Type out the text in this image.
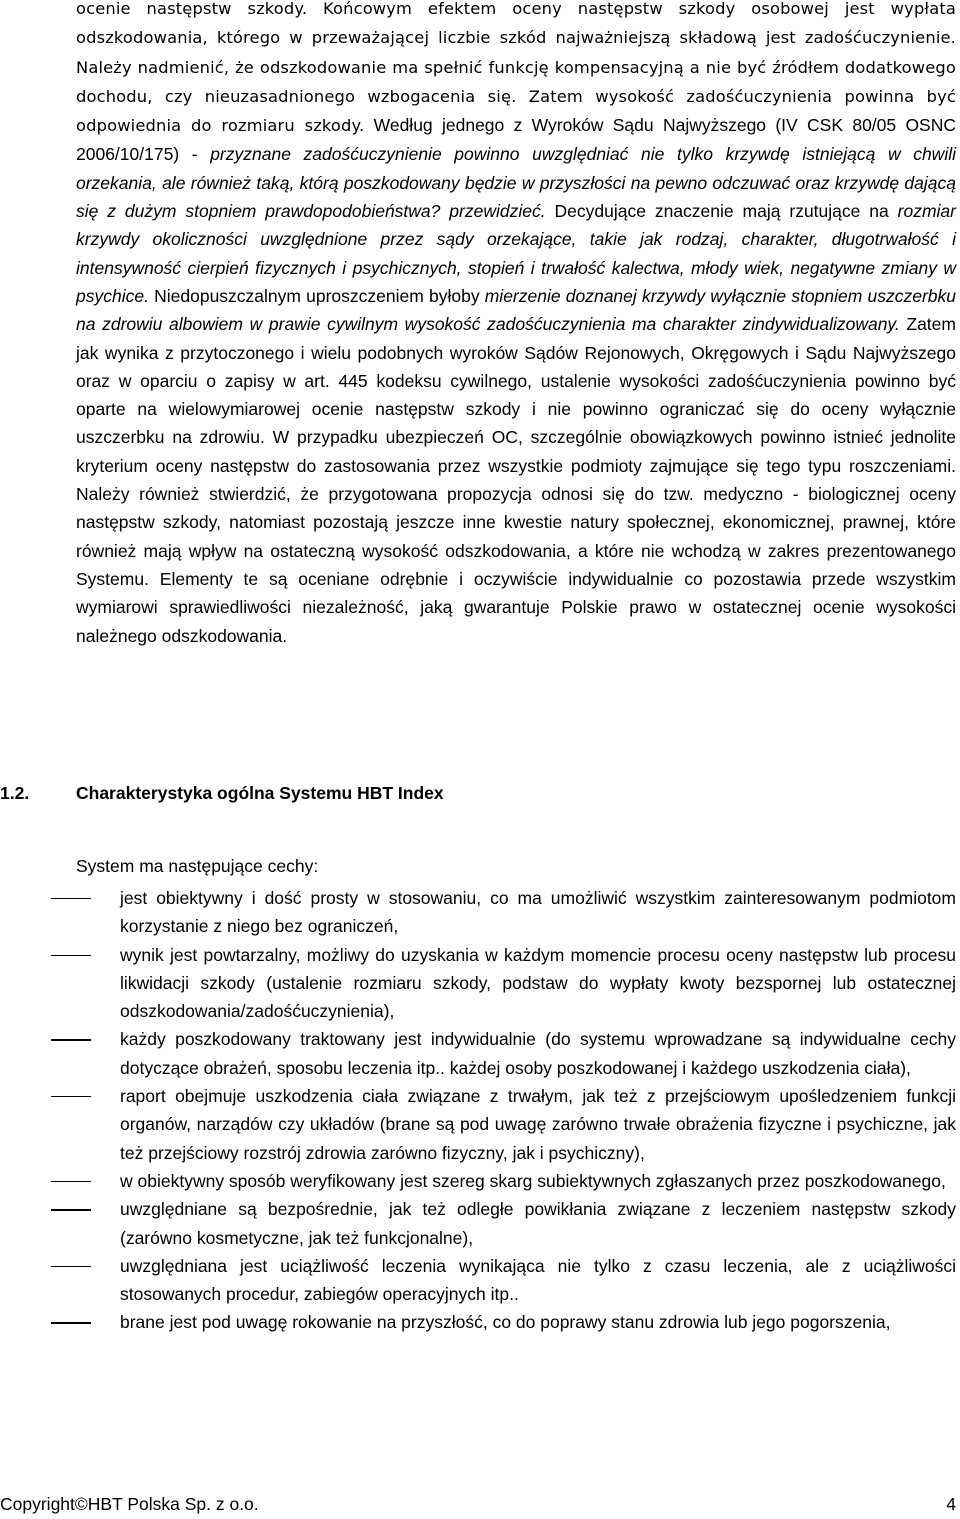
ocenie następstw szkody. Końcowym efektem oceny następstw szkody osobowej jest wypłata odszkodowania, którego w przeważającej liczbie szkód najważniejszą składową jest zadośćuczynienie. Należy nadmienić, że odszkodowanie ma spełnić funkcję kompensacyjną a nie być źródłem dodatkowego dochodu, czy nieuzasadnionego wzbogacenia się. Zatem wysokość zadośćuczynienia powinna być odpowiednia do rozmiaru szkody. Według jednego z Wyroków Sądu Najwyższego (IV CSK 80/05 OSNC 2006/10/175) - przyznane zadośćuczynienie powinno uwzględniać nie tylko krzywdę istniejącą w chwili orzekania, ale również taką, którą poszkodowany będzie w przyszłości na pewno odczuwać oraz krzywdę dającą się z dużym stopniem prawdopodobieństwa? przewidzieć. Decydujące znaczenie mają rzutujące na rozmiar krzywdy okoliczności uwzględnione przez sądy orzekające, takie jak rodzaj, charakter, długotrwałość i intensywność cierpień fizycznych i psychicznych, stopień i trwałość kalectwa, młody wiek, negatywne zmiany w psychice. Niedopuszczalnym uproszczeniem byłoby mierzenie doznanej krzywdy wyłącznie stopniem uszczerbku na zdrowiu albowiem w prawie cywilnym wysokość zadośćuczynienia ma charakter zindywidualizowany. Zatem jak wynika z przytoczonego i wielu podobnych wyroków Sądów Rejonowych, Okręgowych i Sądu Najwyższego oraz w oparciu o zapisy w art. 445 kodeksu cywilnego, ustalenie wysokości zadośćuczynienia powinno być oparte na wielowymiarowej ocenie następstw szkody i nie powinno ograniczać się do oceny wyłącznie uszczerbku na zdrowiu. W przypadku ubezpieczeń OC, szczególnie obowiązkowych powinno istnieć jednolite kryterium oceny następstw do zastosowania przez wszystkie podmioty zajmujące się tego typu roszczeniami. Należy również stwierdzić, że przygotowana propozycja odnosi się do tzw. medyczno - biologicznej oceny następstw szkody, natomiast pozostają jeszcze inne kwestie natury społecznej, ekonomicznej, prawnej, które również mają wpływ na ostateczną wysokość odszkodowania, a które nie wchodzą w zakres prezentowanego Systemu. Elementy te są oceniane odrębnie i oczywiście indywidualnie co pozostawia przede wszystkim wymiarowi sprawiedliwości niezależność, jaką gwarantuje Polskie prawo w ostatecznej ocenie wysokości należnego odszkodowania.

1.2.	Charakterystyka ogólna Systemu HBT Index
System ma następujące cechy:
jest obiektywny i dość prosty w stosowaniu, co ma umożliwić wszystkim zainteresowanym podmiotom korzystanie z niego bez ograniczeń,
wynik jest powtarzalny, możliwy do uzyskania w każdym momencie procesu oceny następstw lub procesu likwidacji szkody (ustalenie rozmiaru szkody, podstaw do wypłaty kwoty bezspornej lub ostatecznej odszkodowania/zadośćuczynienia),
każdy poszkodowany traktowany jest indywidualnie (do systemu wprowadzane są indywidualne cechy dotyczące obrażeń, sposobu leczenia itp.. każdej osoby poszkodowanej i każdego uszkodzenia ciała),
raport obejmuje uszkodzenia ciała związane z trwałym, jak też z przejściowym upośledzeniem funkcji organów, narządów czy układów (brane są pod uwagę zarówno trwałe obrażenia fizyczne i psychiczne, jak też przejściowy rozstrój zdrowia zarówno fizyczny, jak i psychiczny),
w obiektywny sposób weryfikowany jest szereg skarg subiektywnych zgłaszanych przez poszkodowanego,
uwzględniane są bezpośrednie, jak też odległe powikłania związane z leczeniem następstw szkody (zarówno kosmetyczne, jak też funkcjonalne),
uwzględniana jest uciążliwość leczenia wynikająca nie tylko z czasu leczenia, ale z uciążliwości stosowanych procedur, zabiegów operacyjnych itp..
brane jest pod uwagę rokowanie na przyszłość, co do poprawy stanu zdrowia lub jego pogorszenia,
Copyright©HBT Polska Sp. z o.o.	4
